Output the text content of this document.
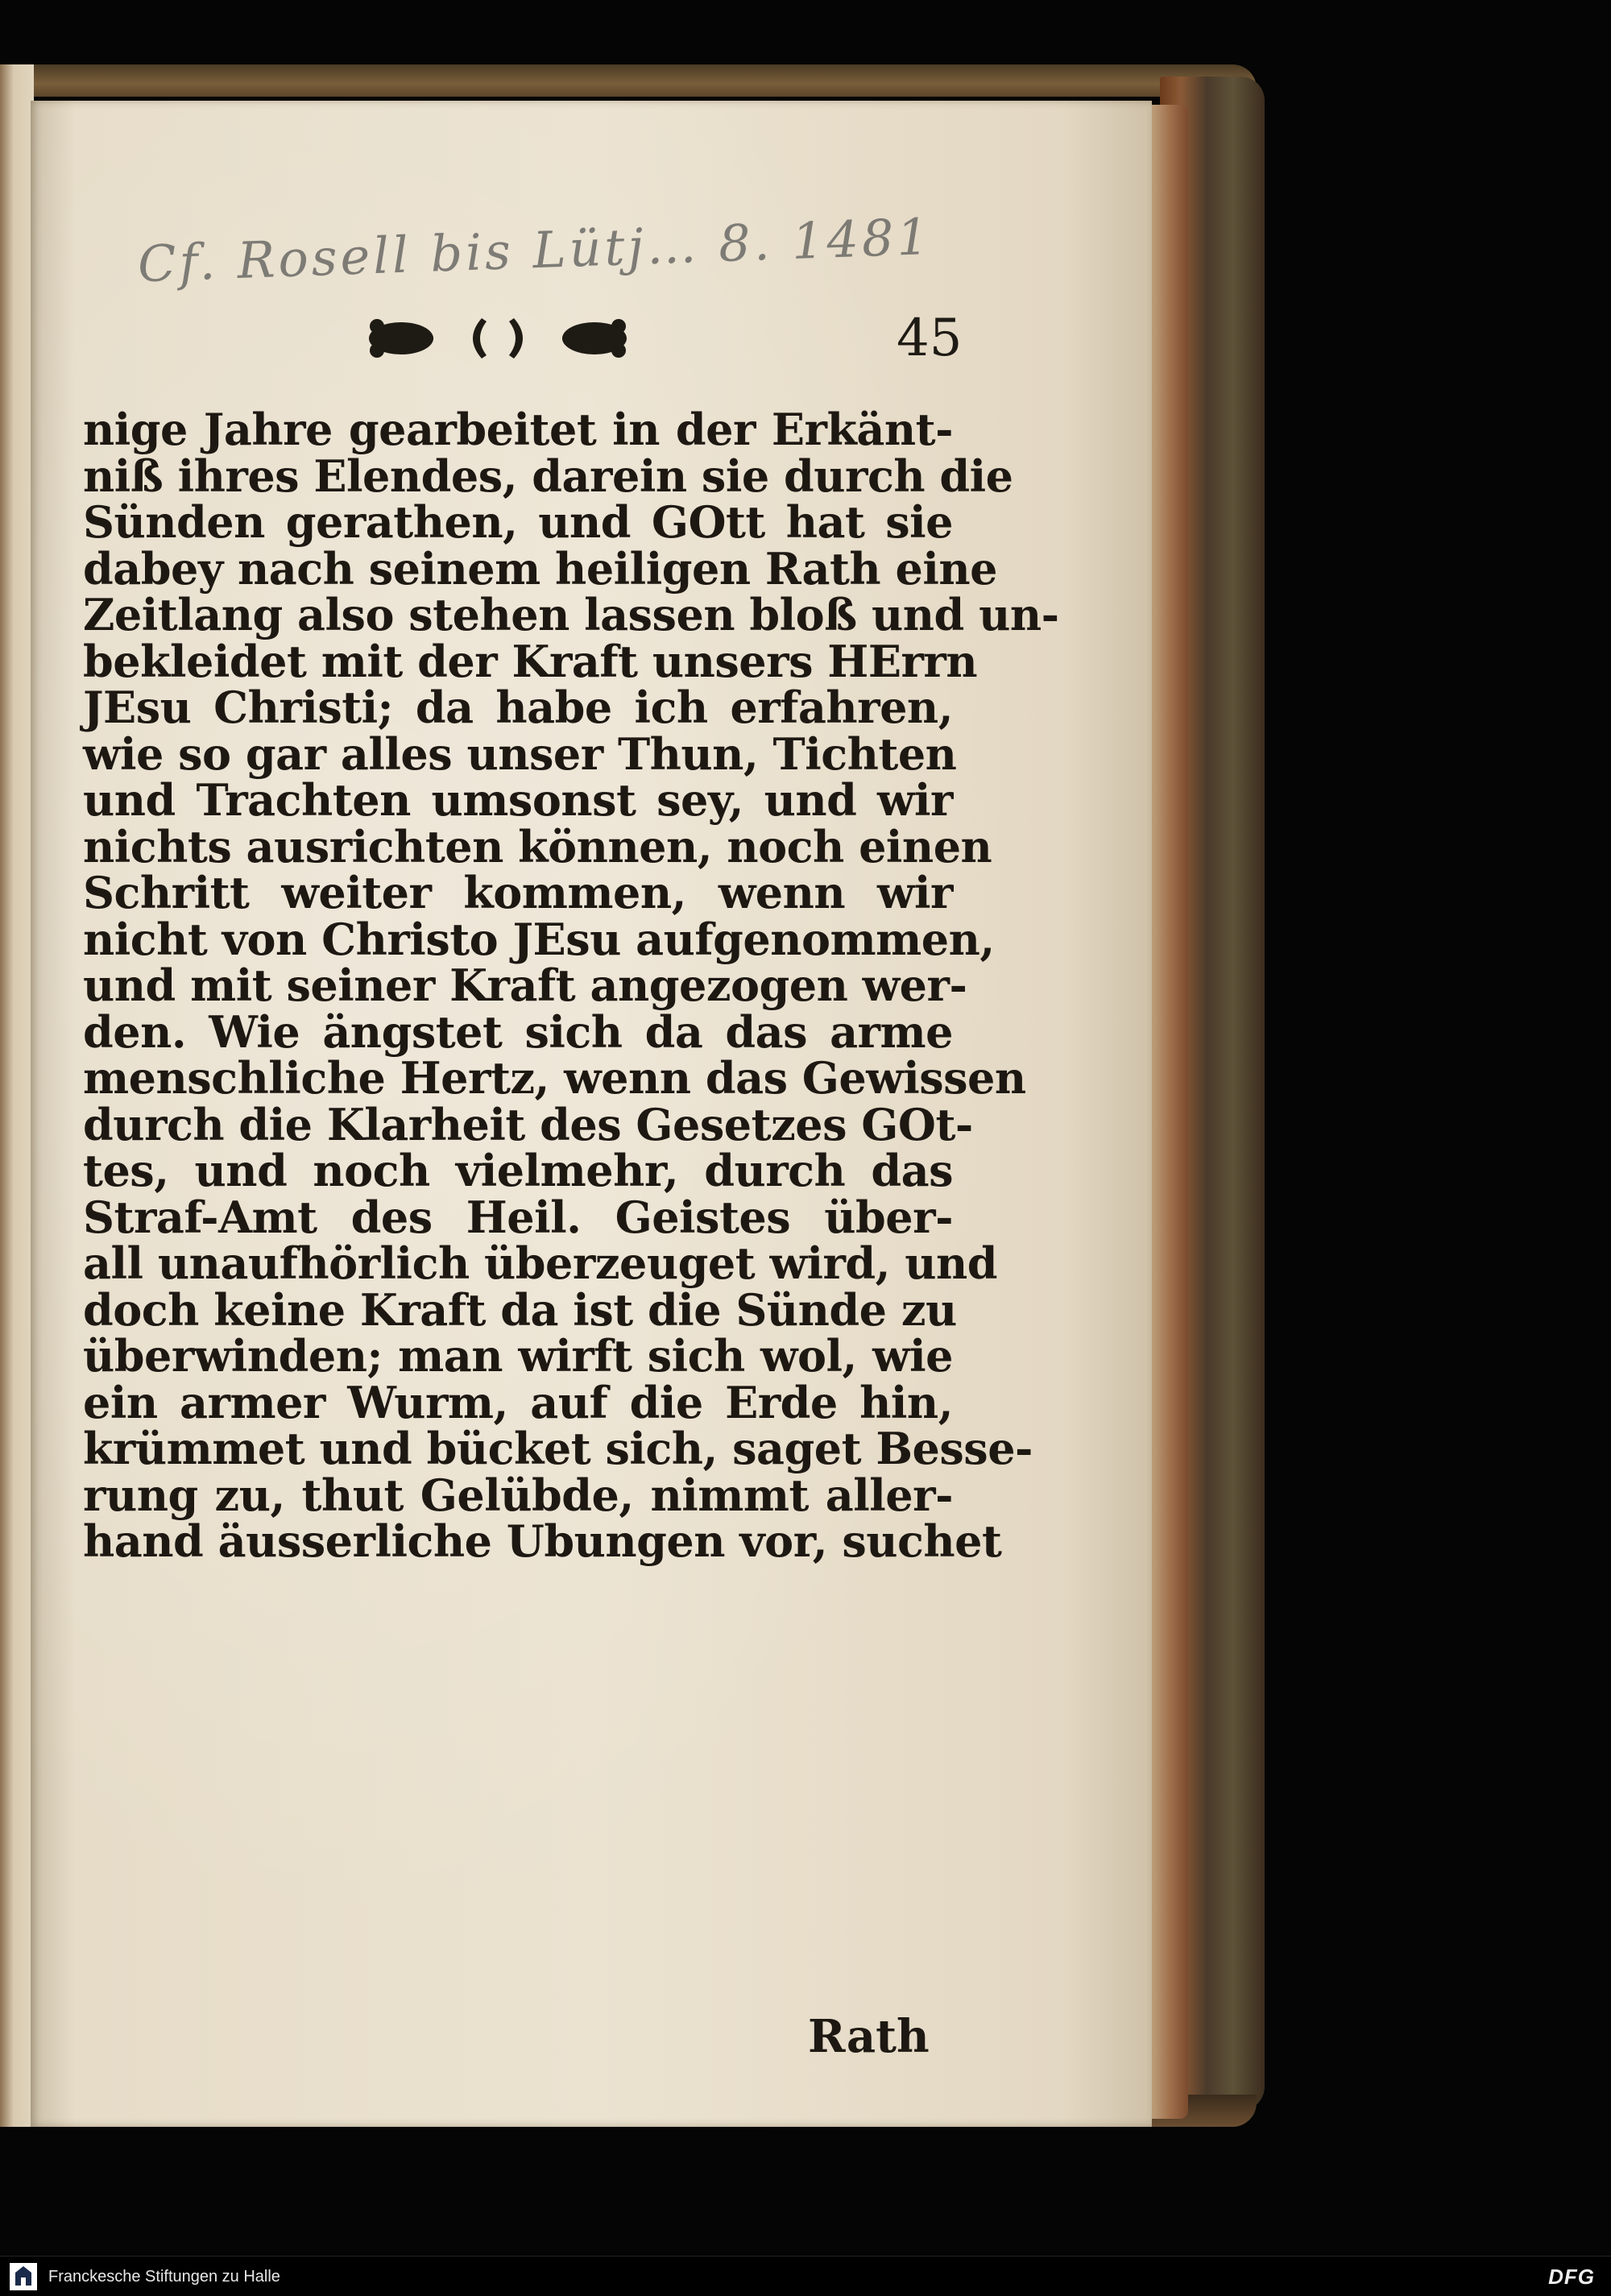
Cf. Rosell bis Lütj… 8. 1481
45
nige Jahre gearbeitet in der Erkänt-
niß ihres Elendes, darein sie durch die
Sünden gerathen, und GOtt hat sie
dabey nach seinem heiligen Rath eine
Zeitlang also stehen lassen bloß und un-
bekleidet mit der Kraft unsers HErrn
JEsu Christi; da habe ich erfahren,
wie so gar alles unser Thun, Tichten
und Trachten umsonst sey, und wir
nichts ausrichten können, noch einen
Schritt weiter kommen, wenn wir
nicht von Christo JEsu aufgenommen,
und mit seiner Kraft angezogen wer-
den. Wie ängstet sich da das arme
menschliche Hertz, wenn das Gewissen
durch die Klarheit des Gesetzes GOt-
tes, und noch vielmehr, durch das
Straf-Amt des Heil. Geistes über-
all unaufhörlich überzeuget wird, und
doch keine Kraft da ist die Sünde zu
überwinden; man wirft sich wol, wie
ein armer Wurm, auf die Erde hin,
krümmet und bücket sich, saget Besse-
rung zu, thut Gelübde, nimmt aller-
hand äusserliche Ubungen vor, suchet
Rath
Franckesche Stiftungen zu Halle	DFG
